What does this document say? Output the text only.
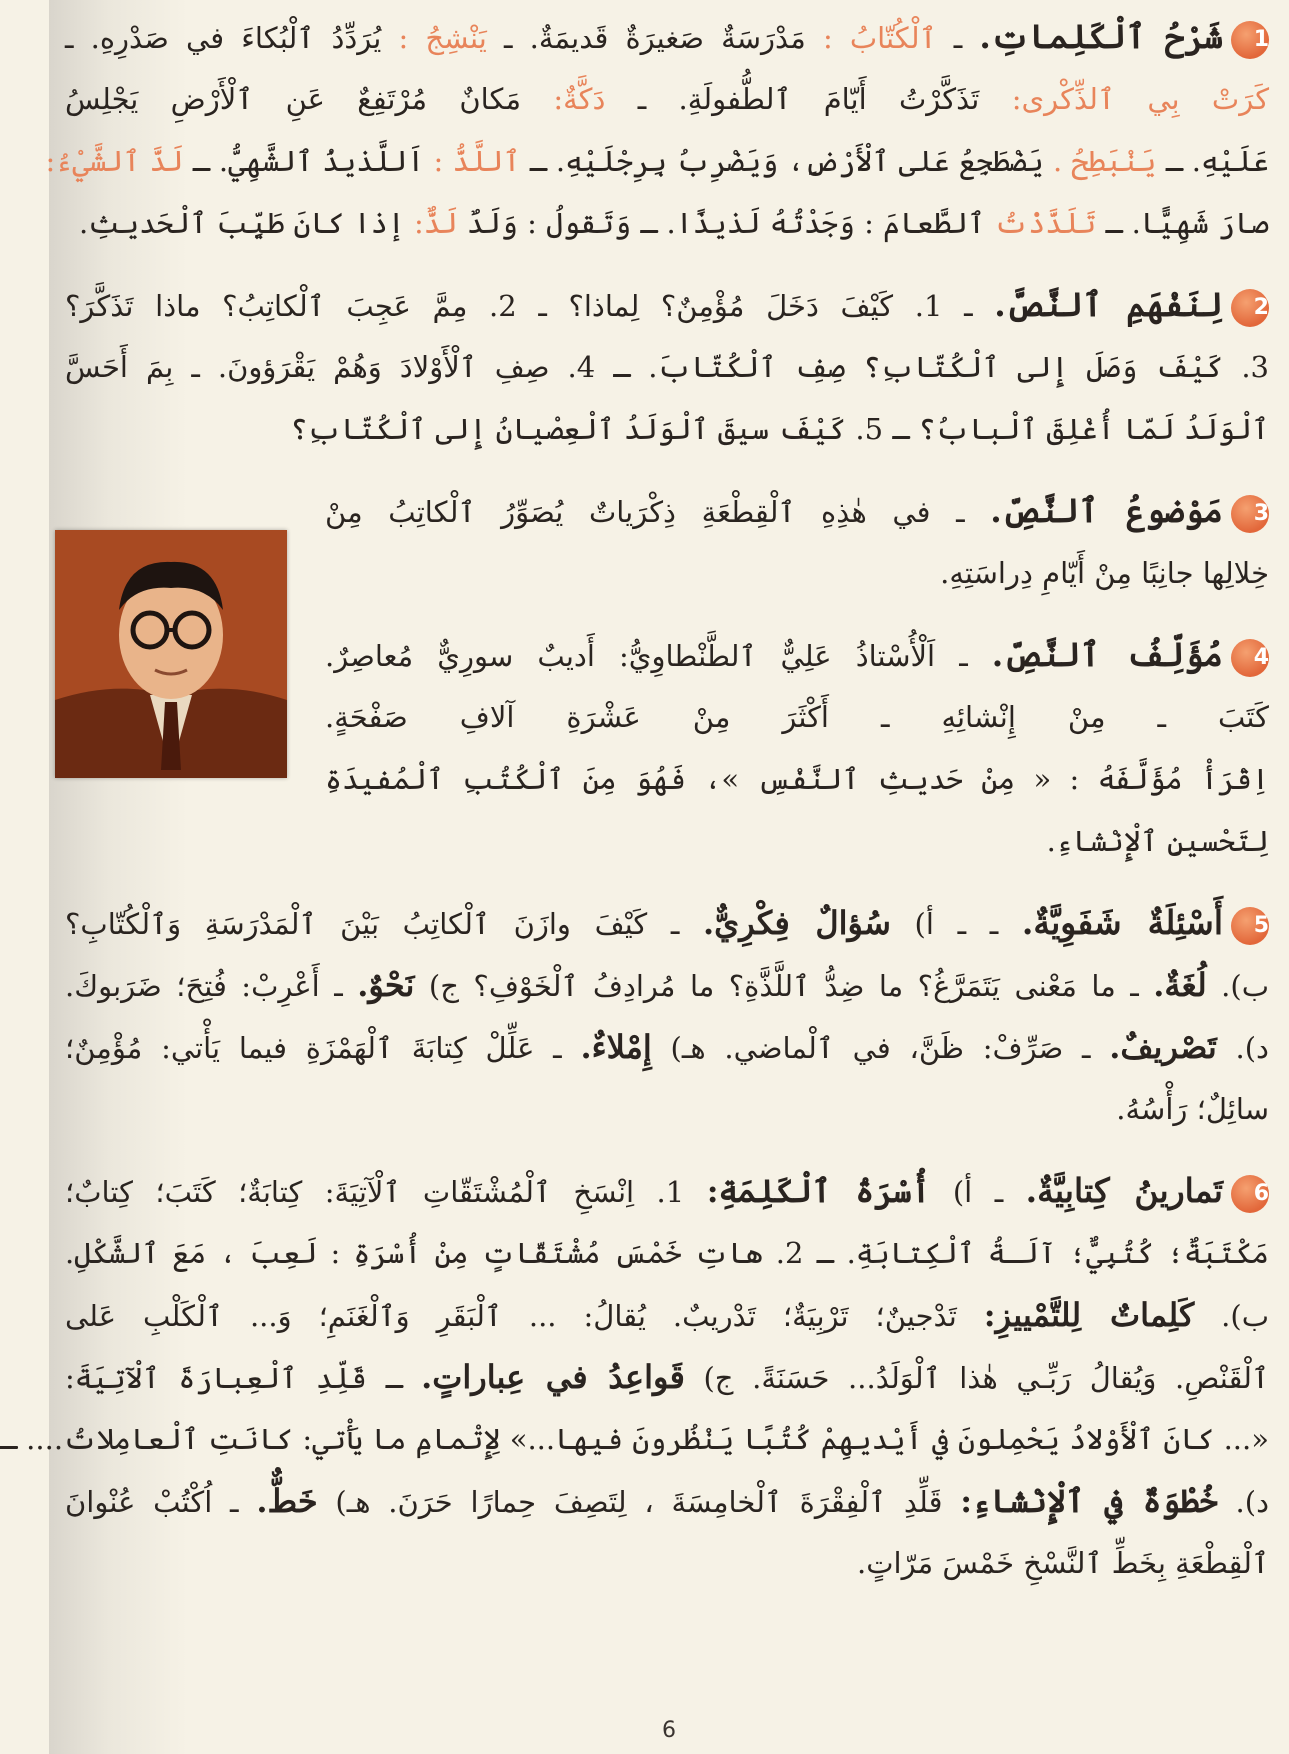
1شَرْحُ ٱلْكَلِماتِ. ـ ٱلْكُتّابُ : مَدْرَسَةٌ صَغيرَةٌ قَديمَةٌ. ـ يَنْشِجُ : يُرَدِّدُ ٱلْبُكاءَ في صَدْرِهِ. ـ
كَرَتْ بِي ٱلذِّكْرى: تَذَكَّرْتُ أَيّامَ ٱلطُّفولَةِ. ـ دَكَّةٌ: مَكانٌ مُرْتَفِعٌ عَنِ ٱلْأَرْضِ يَجْلِسُ
عَلَيْهِ. ـ يَنْبَطِحُ . يَضْطَجِعُ عَلى ٱلْأَرْضِ، وَيَضْرِبُ بِرِجْلَيْهِ. ـ ٱللَّذُّ : اَللَّذيذُ ٱلشَّهِيُّ. ـ لَذَّ ٱلشَّيْءُ:
صارَ شَهِيًّا. ـ تَلَذَّذْتُ ٱلطَّعامَ : وَجَدْتُهُ لَذيذًا. ـ وَتَقولُ : وَلَدٌ لَذٌّ: إذا كانَ طَيِّبَ ٱلْحَديثِ.
2لِنَفْهَمِ ٱلنَّصَّ. ـ 1. كَيْفَ دَخَلَ مُؤْمِنٌ؟ لِماذا؟ ـ 2. مِمَّ عَجِبَ ٱلْكاتِبُ؟ ماذا تَذَكَّرَ؟
3. كَيْفَ وَصَلَ إِلى ٱلْكُتّابِ؟ صِفِ ٱلْكُتّابَ. ـ 4. صِفِ ٱلْأَوْلادَ وَهُمْ يَقْرَؤونَ. ـ بِمَ أَحَسَّ
ٱلْوَلَدُ لَمّا أُغْلِقَ ٱلْبابُ؟ ـ 5. كَيْفَ سيقَ ٱلْوَلَدُ ٱلْعِصْيانُ إِلى ٱلْكُتّابِ؟
3مَوْضوعُ ٱلنَّصِّ. ـ في هٰذِهِ ٱلْقِطْعَةِ ذِكْرَياتٌ يُصَوِّرُ ٱلْكاتِبُ مِنْ
خِلالِها جانِبًا مِنْ أَيّامِ دِراسَتِهِ.
4مُؤَلِّفُ ٱلنَّصِّ. ـ اَلْأُسْتاذُ عَلِيٌّ ٱلطَّنْطاوِيُّ: أَديبٌ سورِيٌّ مُعاصِرٌ.
كَتَبَ ـ مِنْ إِنْشائِهِ ـ أَكْثَرَ مِنْ عَشْرَةِ آلافِ صَفْحَةٍ.
اِقْرَأْ مُؤَلَّفَهُ : « مِنْ حَديثِ ٱلنَّفْسِ »، فَهُوَ مِنَ ٱلْكُتُبِ ٱلْمُفيدَةِ
لِتَحْسينِ ٱلْإِنْشاءِ.
5أَسْئِلَةٌ شَفَوِيَّةٌ. ـ ـ أ) سُؤالٌ فِكْرِيٌّ. ـ كَيْفَ وازَنَ ٱلْكاتِبُ بَيْنَ ٱلْمَدْرَسَةِ وَٱلْكُتّابِ؟
ب). لُغَةٌ. ـ ما مَعْنى يَتَمَرَّغُ؟ ما ضِدُّ ٱللَّذَّةِ؟ ما مُرادِفُ ٱلْخَوْفِ؟ ج) نَحْوٌ. ـ أَعْرِبْ: فُتِحَ؛ ضَرَبوكَ.
د). تَصْريفٌ. ـ صَرِّفْ: ظَنَّ، في ٱلْماضي. هـ) إِمْلاءٌ. ـ عَلِّلْ كِتابَةَ ٱلْهَمْزَةِ فيما يَأْتي: مُؤْمِنٌ؛
سائِلٌ؛ رَأْسُهُ.
6تَمارينُ كِتابِيَّةٌ. ـ أ) أُسْرَةُ ٱلْكَلِمَةِ: 1. اِنْسَخِ ٱلْمُشْتَقّاتِ ٱلْآتِيَةَ: كِتابَةٌ؛ كَتَبَ؛ كِتابٌ؛
مَكْتَبَةٌ؛ كُتُبِيٌّ؛ آلَـةُ ٱلْكِتابَةِ. ـ 2. هاتِ خَمْسَ مُشْتَقّاتٍ مِنْ أُسْرَةِ : لَعِبَ ، مَعَ ٱلشَّكْلِ.
ب). كَلِماتٌ لِلتَّمْييزِ: تَدْجينٌ؛ تَرْبِيَةٌ؛ تَدْريبٌ. يُقالُ: ... ٱلْبَقَرِ وَٱلْغَنَمِ؛ وَ... ٱلْكَلْبِ عَلى
ٱلْقَنْصِ. وَيُقالُ رَبِّـي هٰذا ٱلْوَلَدُ... حَسَنَةً. ج) قَواعِدُ في عِباراتٍ. ـ قَلِّدِ ٱلْعِبارَةَ ٱلْآتِيَةَ:
«... كانَ ٱلْأَوْلادُ يَحْمِلونَ في أَيْديهِمْ كُتُبًا يَنْظُرونَ فيها...» لِإِتْمامِ ما يَأْتي: كانَتِ ٱلْعامِلاتُ.... ـ
د). خُطْوَةٌ في ٱلْإِنْشاءِ: قَلِّدِ ٱلْفِقْرَةَ ٱلْخامِسَةَ ، لِتَصِفَ حِمارًا حَرَنَ. هـ) خَطٌّ. ـ اُكْتُبْ عُنْوانَ
ٱلْقِطْعَةِ بِخَطِّ ٱلنَّسْخِ خَمْسَ مَرّاتٍ.
6
